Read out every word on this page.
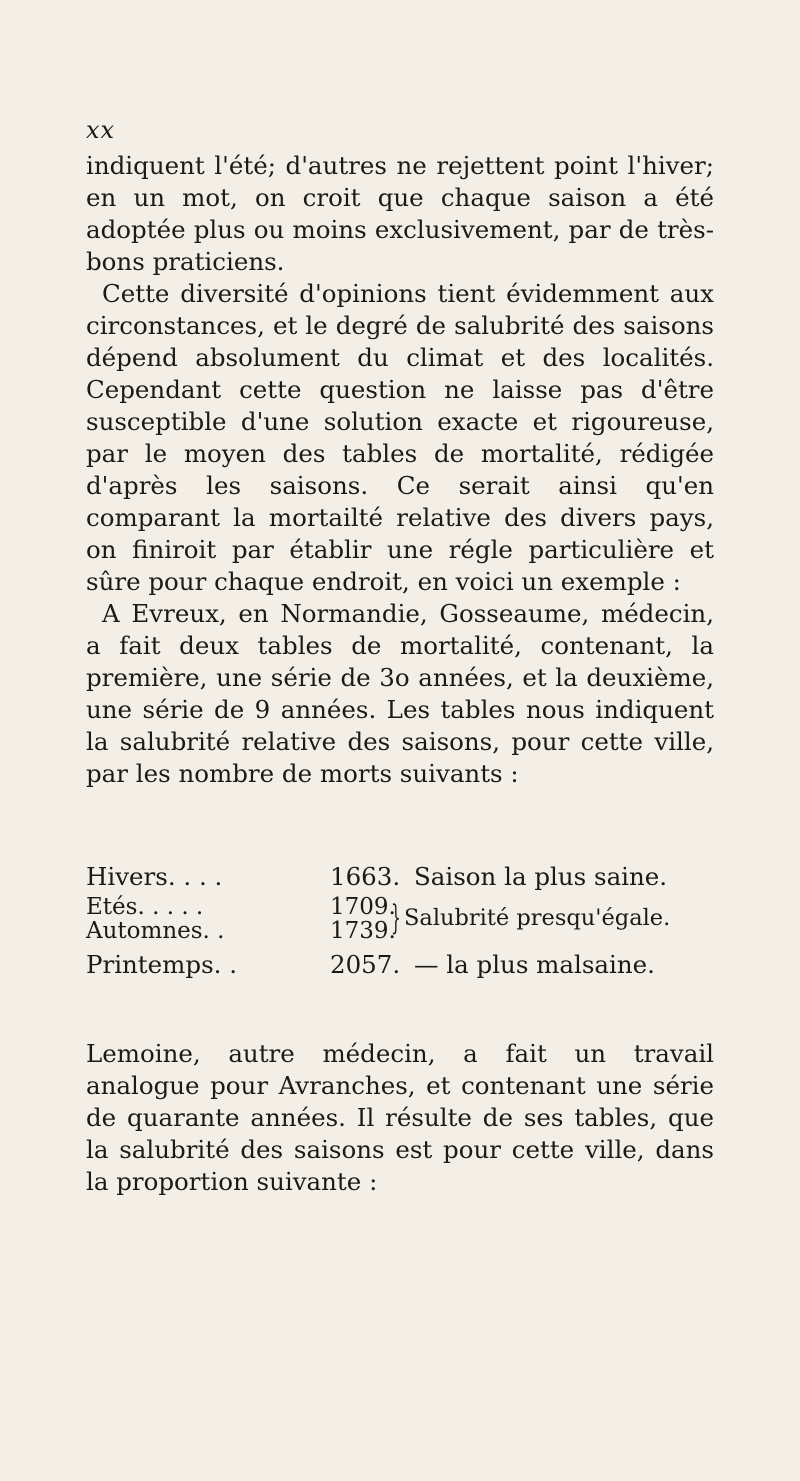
xx

indiquent l'été; d'autres ne rejettent point l'hiver; en un mot, on croit que chaque saison a été adoptée plus ou moins exclusivement, par de très-bons praticiens.

Cette diversité d'opinions tient évidemment aux circonstances, et le degré de salubrité des saisons dépend absolument du climat et des localités. Cependant cette question ne laisse pas d'être susceptible d'une solution exacte et rigoureuse, par le moyen des tables de mortalité, rédigée d'après les saisons. Ce serait ainsi qu'en comparant la mortailté relative des divers pays, on finiroit par établir une régle particulière et sûre pour chaque endroit, en voici un exemple :

A Evreux, en Normandie, Gosseaume, médecin, a fait deux tables de mortalité, contenant, la première, une série de 3o années, et la deuxième, une série de 9 années. Les tables nous indiquent la salubrité relative des saisons, pour cette ville, par les nombre de morts suivants :

Hivers. . . .	1663. Saison la plus saine.
Etés. . . . .
Automnes. .
1709.
1739.
} Salubrité presqu'égale.
Printemps. .	2057. — la plus malsaine.

Lemoine, autre médecin, a fait un travail analogue pour Avranches, et contenant une série de quarante années. Il résulte de ses tables, que la salubrité des saisons est pour cette ville, dans la proportion suivante :
